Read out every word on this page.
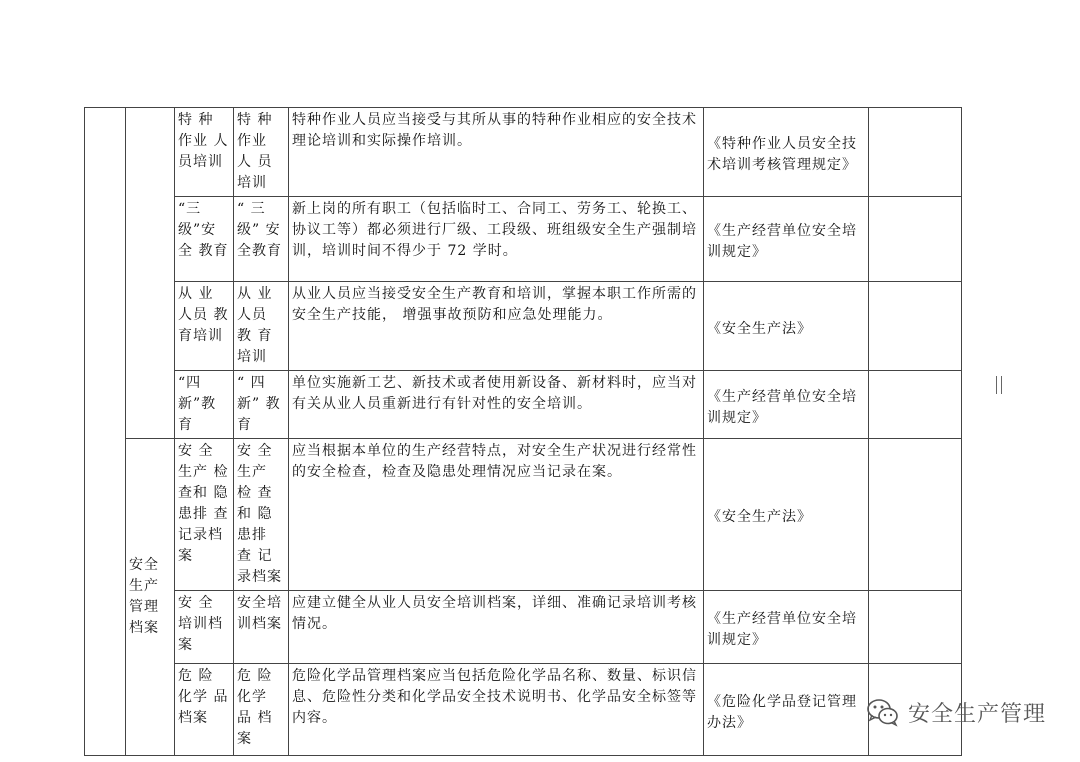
		特 种 作业 人 员培训	特 种 作业 人 员培训	特种作业人员应当接受与其所从事的特种作业相应的安全技术理论培训和实际操作培训。	《特种作业人员安全技术培训考核管理规定》	
		“三级”安 全 教育	“ 三级” 安全教育	新上岗的所有职工（包括临时工、合同工、劳务工、轮换工、协议工等）都必须进行厂级、工段级、班组级安全生产强制培训，培训时间不得少于 72 学时。	《生产经营单位安全培训规定》	
		从 业 人员 教 育培训	从 业 人员 教 育培训	从业人员应当接受安全生产教育和培训，掌握本职工作所需的安全生产技能， 增强事故预防和应急处理能力。	《安全生产法》	
		“四新”教育	“ 四新” 教育	单位实施新工艺、新技术或者使用新设备、新材料时，应当对有关从业人员重新进行有针对性的安全培训。	《生产经营单位安全培训规定》	
	安全生产管理档案	安 全 生产 检 查和 隐 患排 查 记录档案	安 全 生产 检 查和 隐 患排 查 记录档案	应当根据本单位的生产经营特点，对安全生产状况进行经常性的安全检查，检查及隐患处理情况应当记录在案。	《安全生产法》	
		安 全 培训档案	安全培训档案	应建立健全从业人员安全培训档案，详细、准确记录培训考核情况。	《生产经营单位安全培训规定》	
		危 险 化学 品 档案	危 险 化学 品 档案	危险化学品管理档案应当包括危险化学品名称、数量、标识信息、危险性分类和化学品安全技术说明书、化学品安全标签等内容。	《危险化学品登记管理办法》		安全生产管理
